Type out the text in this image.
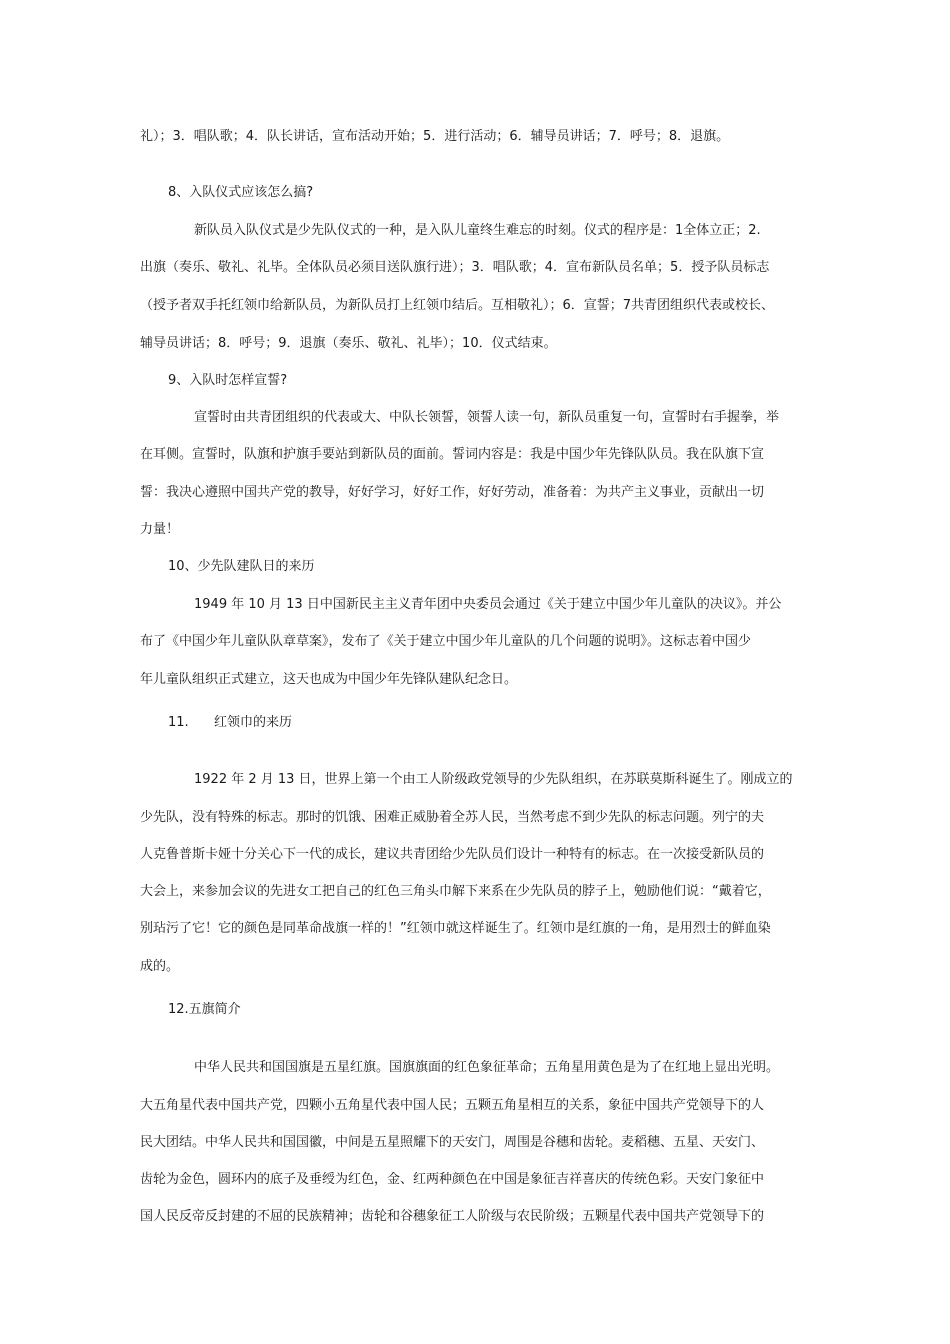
礼）；3．唱队歌；4．队长讲话，宣布活动开始；5．进行活动；6．辅导员讲话；7．呼号；8．退旗。
8、入队仪式应该怎么搞?
新队员入队仪式是少先队仪式的一种，是入队儿童终生难忘的时刻。仪式的程序是：1全体立正；2.
出旗（奏乐、敬礼、礼毕。全体队员必须目送队旗行进）；3．唱队歌；4．宣布新队员名单；5．授予队员标志
（授予者双手托红领巾给新队员，为新队员打上红领巾结后。互相敬礼）；6．宣誓；7共青团组织代表或校长、
辅导员讲话；8．呼号；9．退旗（奏乐、敬礼、礼毕）；10．仪式结束。
9、入队时怎样宣誓?
宣誓时由共青团组织的代表或大、中队长领誓，领誓人读一句，新队员重复一句，宣誓时右手握拳，举
在耳侧。宣誓时，队旗和护旗手要站到新队员的面前。誓词内容是：我是中国少年先锋队队员。我在队旗下宣
誓：我决心遵照中国共产党的教导，好好学习，好好工作，好好劳动，准备着：为共产主义事业，贡献出一切
力量！
10、少先队建队日的来历
1949 年 10 月 13 日中国新民主主义青年团中央委员会通过《关于建立中国少年儿童队的决议》。并公
布了《中国少年儿童队队章草案》，发布了《关于建立中国少年儿童队的几个问题的说明》。这标志着中国少
年儿童队组织正式建立，这天也成为中国少年先锋队建队纪念日。
11. 红领巾的来历
1922 年 2 月 13 日，世界上第一个由工人阶级政党领导的少先队组织，在苏联莫斯科诞生了。刚成立的
少先队，没有特殊的标志。那时的饥饿、困难正威胁着全苏人民，当然考虑不到少先队的标志问题。列宁的夫
人克鲁普斯卡娅十分关心下一代的成长，建议共青团给少先队员们设计一种特有的标志。在一次接受新队员的
大会上，来参加会议的先进女工把自己的红色三角头巾解下来系在少先队员的脖子上，勉励他们说：“戴着它，
别玷污了它！它的颜色是同革命战旗一样的！”红领巾就这样诞生了。红领巾是红旗的一角，是用烈士的鲜血染
成的。
12.五旗简介
中华人民共和国国旗是五星红旗。国旗旗面的红色象征革命；五角星用黄色是为了在红地上显出光明。
大五角星代表中国共产党，四颗小五角星代表中国人民；五颗五角星相互的关系，象征中国共产党领导下的人
民大团结。中华人民共和国国徽，中间是五星照耀下的天安门，周围是谷穗和齿轮。麦稻穗、五星、天安门、
齿轮为金色，圆环内的底子及垂绶为红色，金、红两种颜色在中国是象征吉祥喜庆的传统色彩。天安门象征中
国人民反帝反封建的不屈的民族精神；齿轮和谷穗象征工人阶级与农民阶级；五颗星代表中国共产党领导下的
